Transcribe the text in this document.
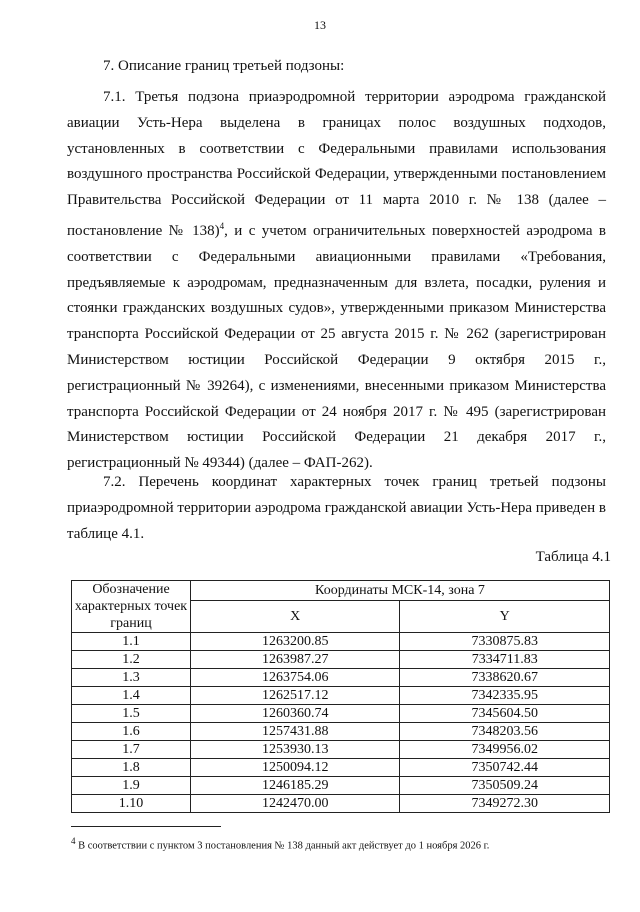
13
7. Описание границ третьей подзоны:
7.1. Третья подзона приаэродромной территории аэродрома гражданской авиации Усть-Нера выделена в границах полос воздушных подходов, установленных в соответствии с Федеральными правилами использования воздушного пространства Российской Федерации, утвержденными постановлением Правительства Российской Федерации от 11 марта 2010 г. № 138 (далее – постановление № 138)$^4$, и с учетом ограничительных поверхностей аэродрома в соответствии с Федеральными авиационными правилами «Требования, предъявляемые к аэродромам, предназначенным для взлета, посадки, руления и стоянки гражданских воздушных судов», утвержденными приказом Министерства транспорта Российской Федерации от 25 августа 2015 г. № 262 (зарегистрирован Министерством юстиции Российской Федерации 9 октября 2015 г., регистрационный № 39264), с изменениями, внесенными приказом Министерства транспорта Российской Федерации от 24 ноября 2017 г. № 495 (зарегистрирован Министерством юстиции Российской Федерации 21 декабря 2017 г., регистрационный № 49344) (далее – ФАП-262).
7.2. Перечень координат характерных точек границ третьей подзоны приаэродромной территории аэродрома гражданской авиации Усть-Нера приведен в таблице 4.1.
Таблица 4.1
Обозначение характерных точек границ	Координаты МСК-14, зона 7	
	X	Y
1.1	1263200.85	7330875.83
1.2	1263987.27	7334711.83
1.3	1263754.06	7338620.67
1.4	1262517.12	7342335.95
1.5	1260360.74	7345604.50
1.6	1257431.88	7348203.56
1.7	1253930.13	7349956.02
1.8	1250094.12	7350742.44
1.9	1246185.29	7350509.24
1.10	1242470.00	7349272.30
$^4$ В соответствии с пунктом 3 постановления № 138 данный акт действует до 1 ноября 2026 г.
